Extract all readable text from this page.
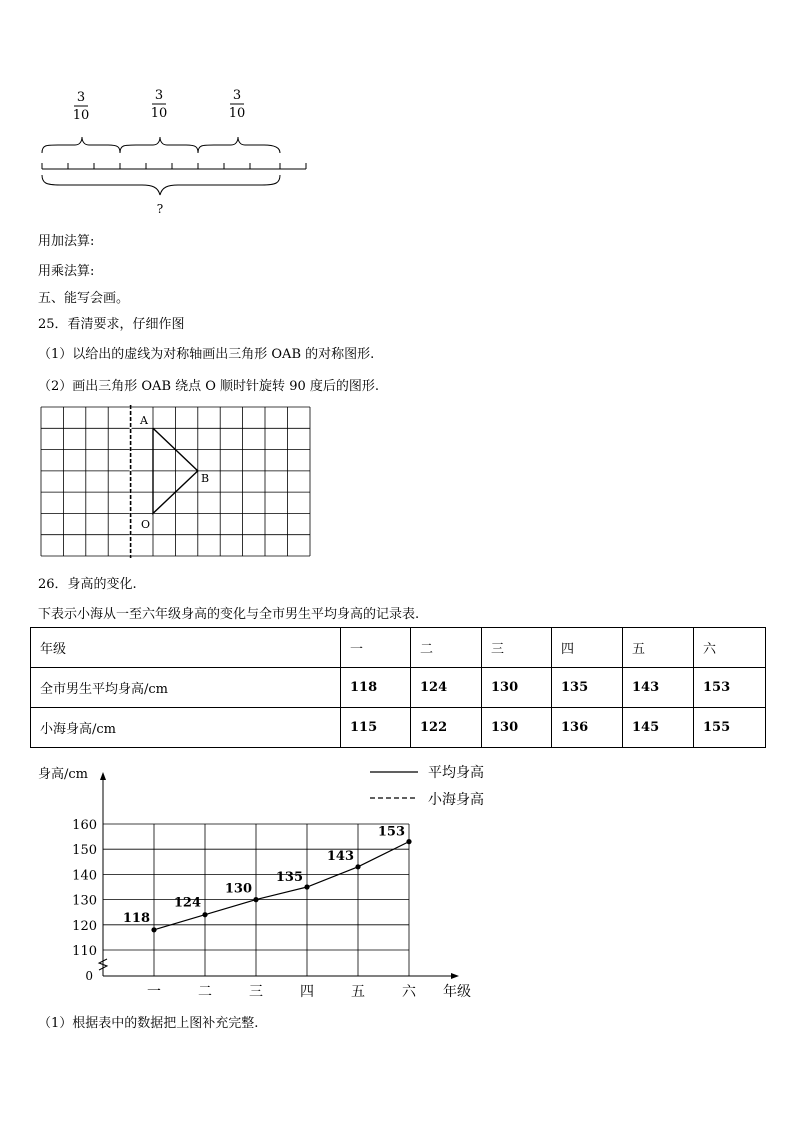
3
10
3
10
3
10
?
用加法算:
用乘法算:
五、能写会画。
25．看清要求，仔细作图
（1）以给出的虚线为对称轴画出三角形 OAB 的对称图形.
（2）画出三角形 OAB 绕点 O 顺时针旋转 90 度后的图形.
A
B
O
26．身高的变化.
下表示小海从一至六年级身高的变化与全市男生平均身高的记录表.
年级	一	二	三	四	五	六
全市男生平均身高/cm	118	124	130	135	143	153
小海身高/cm	115	122	130	136	145	155
身高/cm
0
110
120
130
140
150
160
一	二	三	四	五	六 年级
平均身高
小海身高
118
124
130
135
143
153
（1）根据表中的数据把上图补充完整.
